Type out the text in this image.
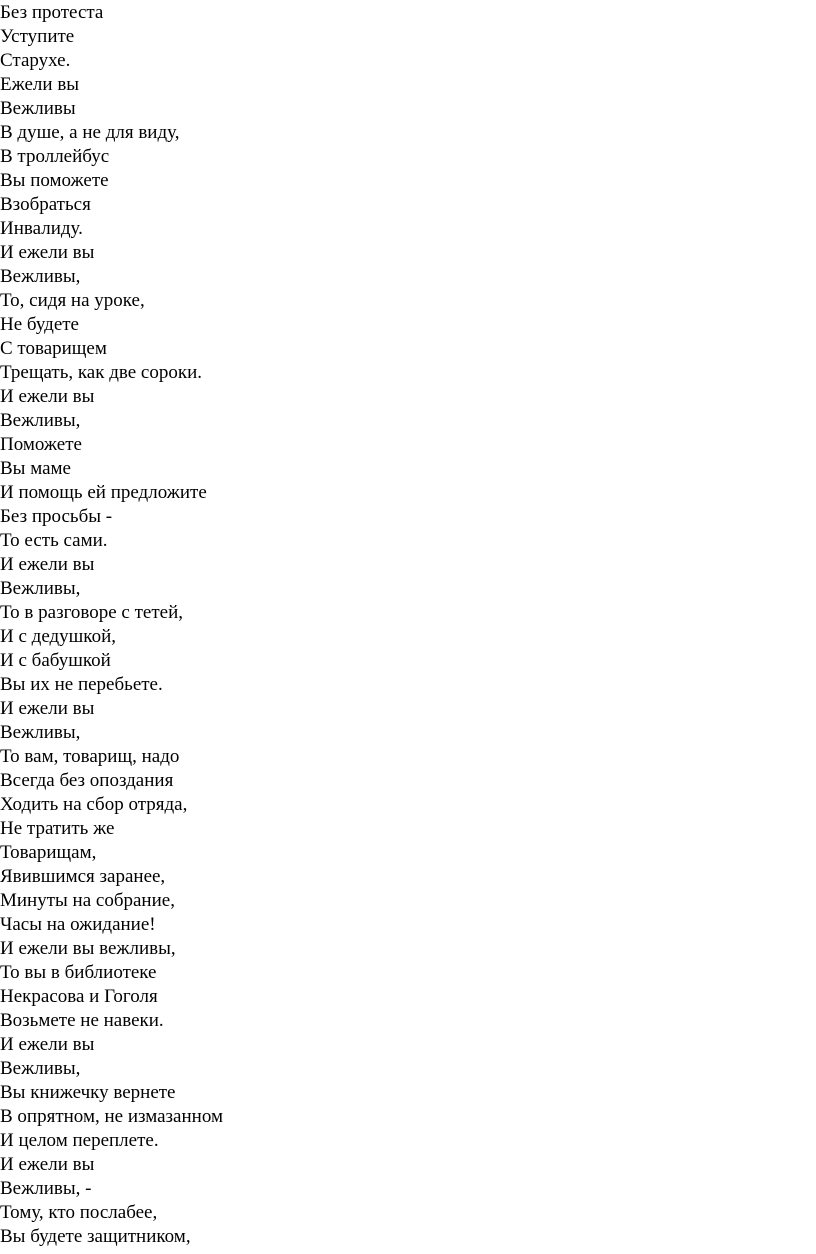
Без протеста
Уступите
Старухе.
Ежели вы
Вежливы
В душе, а не для виду,
В троллейбус
Вы поможете
Взобраться
Инвалиду.
И ежели вы
Вежливы,
То, сидя на уроке,
Не будете
С товарищем
Трещать, как две сороки.
И ежели вы
Вежливы,
Поможете
Вы маме
И помощь ей предложите
Без просьбы -
То есть сами.
И ежели вы
Вежливы,
То в разговоре с тетей,
И с дедушкой,
И с бабушкой
Вы их не перебьете.
И ежели вы
Вежливы,
То вам, товарищ, надо
Всегда без опоздания
Ходить на сбор отряда,
Не тратить же
Товарищам,
Явившимся заранее,
Минуты на собрание,
Часы на ожидание!
И ежели вы вежливы,
То вы в библиотеке
Некрасова и Гоголя
Возьмете не навеки.
И ежели вы
Вежливы,
Вы книжечку вернете
В опрятном, не измазанном
И целом переплете.
И ежели вы
Вежливы, -
Тому, кто послабее,
Вы будете защитником,
